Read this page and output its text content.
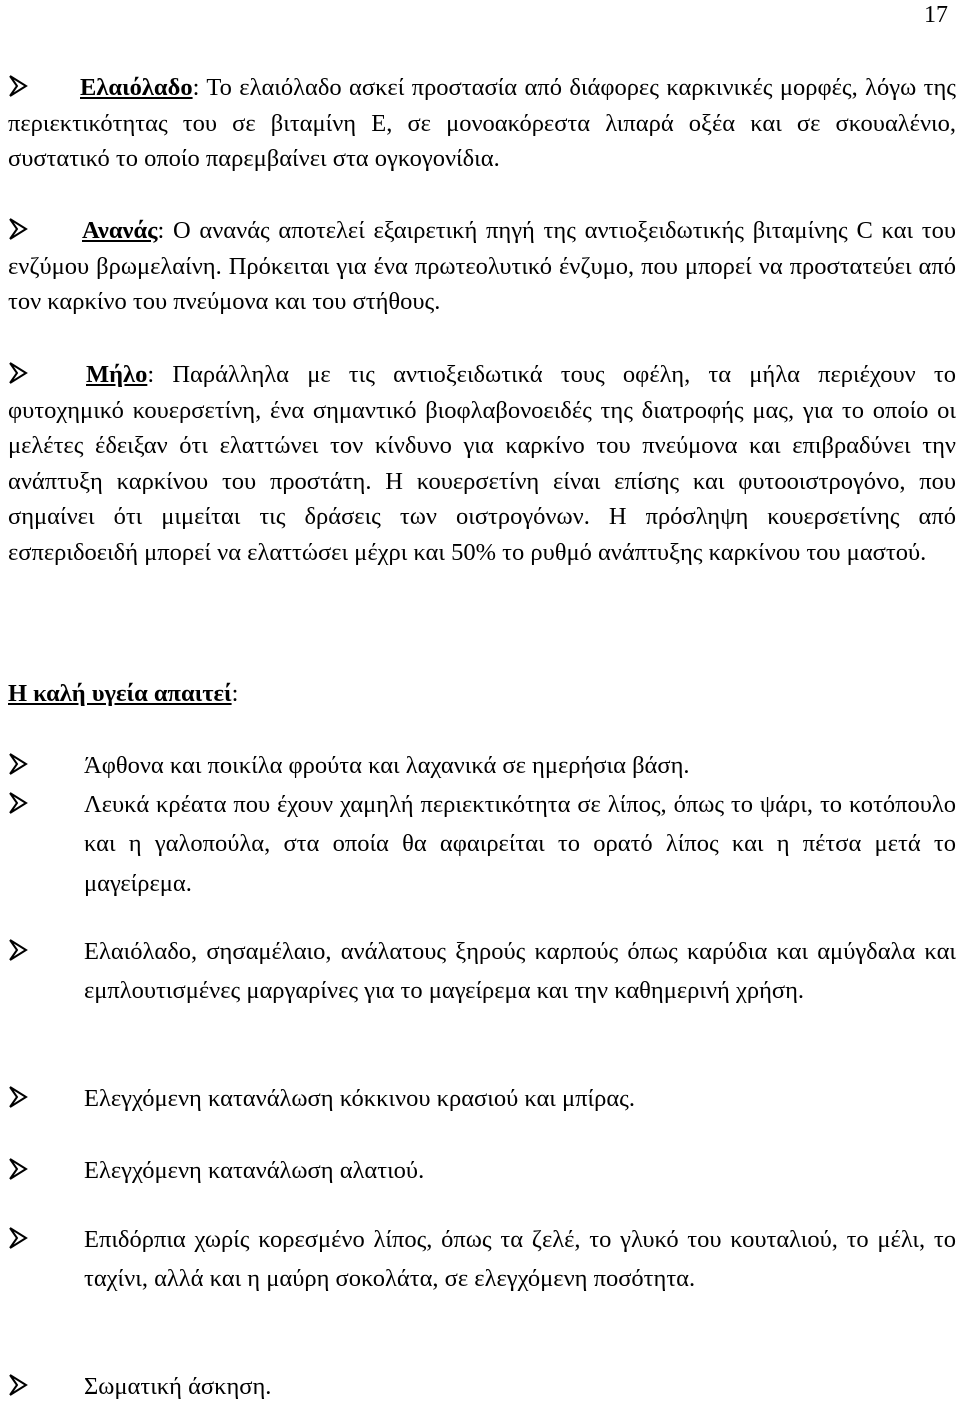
17
Ελαιόλαδο: Το ελαιόλαδο ασκεί προστασία από διάφορες καρκινικές μορφές, λόγω της περιεκτικότητας του σε βιταμίνη Ε, σε μονοακόρεστα λιπαρά οξέα και σε σκουαλένιο, συστατικό το οποίο παρεμβαίνει στα ογκογονίδια.
Ανανάς: Ο ανανάς αποτελεί εξαιρετική πηγή της αντιοξειδωτικής βιταμίνης C και του ενζύμου βρωμελαίνη. Πρόκειται για ένα πρωτεολυτικό ένζυμο, που μπορεί να προστατεύει από τον καρκίνο του πνεύμονα και του στήθους.
Μήλο: Παράλληλα με τις αντιοξειδωτικά τους οφέλη, τα μήλα περιέχουν το φυτοχημικό κουερσετίνη, ένα σημαντικό βιοφλαβονοειδές της διατροφής μας, για το οποίο οι μελέτες έδειξαν ότι ελαττώνει τον κίνδυνο για καρκίνο του πνεύμονα και επιβραδύνει την ανάπτυξη καρκίνου του προστάτη. Η κουερσετίνη είναι επίσης και φυτοοιστρογόνο, που σημαίνει ότι μιμείται τις δράσεις των οιστρογόνων. Η πρόσληψη κουερσετίνης από εσπεριδοειδή μπορεί να ελαττώσει μέχρι και 50% το ρυθμό ανάπτυξης καρκίνου του μαστού.
Η καλή υγεία απαιτεί:
Άφθονα και ποικίλα φρούτα και λαχανικά σε ημερήσια βάση.
Λευκά κρέατα που έχουν χαμηλή περιεκτικότητα σε λίπος, όπως το ψάρι, το κοτόπουλο και η γαλοπούλα, στα οποία θα αφαιρείται το ορατό λίπος και η πέτσα μετά το μαγείρεμα.
Ελαιόλαδο, σησαμέλαιο, ανάλατους ξηρούς καρπούς όπως καρύδια και αμύγδαλα και εμπλουτισμένες μαργαρίνες για το μαγείρεμα και την καθημερινή χρήση.
Ελεγχόμενη κατανάλωση κόκκινου κρασιού και μπίρας.
Ελεγχόμενη κατανάλωση αλατιού.
Επιδόρπια χωρίς κορεσμένο λίπος, όπως τα ζελέ, το γλυκό του κουταλιού, το μέλι, το ταχίνι, αλλά και η μαύρη σοκολάτα, σε ελεγχόμενη ποσότητα.
Σωματική άσκηση.
